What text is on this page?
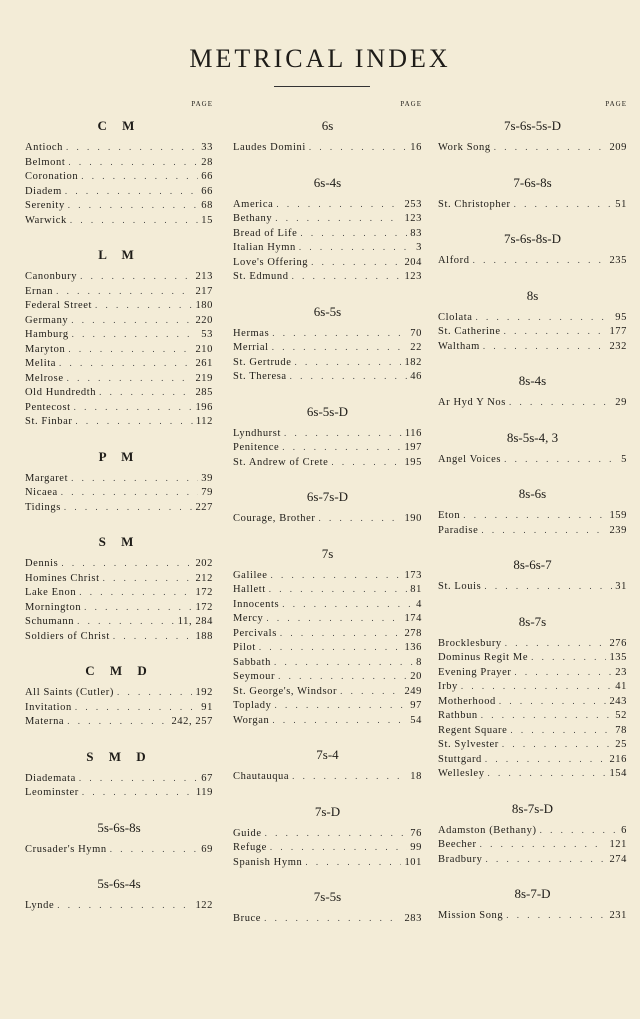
METRICAL INDEX
PAGE
C M
Antioch . . .	33
Belmont . . .	28
Coronation . . .	66
Diadem . . .	66
Serenity . . .	68
Warwick . . .	15
L M
Canonbury . . .	213
Ernan . . .	217
Federal Street . . .	180
Germany . . .	220
Hamburg . . .	53
Maryton . . .	210
Melita . . .	261
Melrose . . .	219
Old Hundredth . . .	285
Pentecost . . .	196
St. Finbar . . .	112
P M
Margaret . . .	39
Nicaea . . .	79
Tidings . . .	227
S M
Dennis . . .	202
Homines Christ . . .	212
Lake Enon . . .	172
Mornington . . .	172
Schumann . . .	11, 284
Soldiers of Christ . . .	188
C M D
All Saints (Cutler) . . .	192
Invitation . . .	91
Materna . . .	242, 257
S M D
Diademata . . .	67
Leominster . . .	119
5s-6s-8s
Crusader's Hymn . . .	69
5s-6s-4s
Lynde . . .	122
PAGE
6s
Laudes Domini . . .	16
6s-4s
America . . .	253
Bethany . . .	123
Bread of Life . . .	83
Italian Hymn . . .	3
Love's Offering . . .	204
St. Edmund . . .	123
6s-5s
Hermas . . .	70
Merrial . . .	22
St. Gertrude . . .	182
St. Theresa . . .	46
6s-5s-D
Lyndhurst . . .	116
Penitence . . .	197
St. Andrew of Crete . . .	195
6s-7s-D
Courage, Brother . . .	190
7s
Galilee . . .	173
Hallett . . .	81
Innocents . . .	4
Mercy . . .	174
Percivals . . .	278
Pilot . . .	136
Sabbath . . .	8
Seymour . . .	20
St. George's, Windsor . . .	249
Toplady . . .	97
Worgan . . .	54
7s-4
Chautauqua . . .	18
7s-D
Guide . . .	76
Refuge . . .	99
Spanish Hymn . . .	101
7s-5s
Bruce . . .	283
PAGE
7s-6s-5s-D
Work Song . . .	209
7-6s-8s
St. Christopher . . .	51
7s-6s-8s-D
Alford . . .	235
8s
Clolata . . .	95
St. Catherine . . .	177
Waltham . . .	232
8s-4s
Ar Hyd Y Nos . . .	29
8s-5s-4, 3
Angel Voices . . .	5
8s-6s
Eton . . .	159
Paradise . . .	239
8s-6s-7
St. Louis . . .	31
8s-7s
Brocklesbury . . .	276
Dominus Regit Me . . .	135
Evening Prayer . . .	23
Irby . . .	41
Motherhood . . .	243
Rathbun . . .	52
Regent Square . . .	78
St. Sylvester . . .	25
Stuttgard . . .	216
Wellesley . . .	154
8s-7s-D
Adamston (Bethany) . . .	6
Beecher . . .	121
Bradbury . . .	274
8s-7-D
Mission Song . . .	231
